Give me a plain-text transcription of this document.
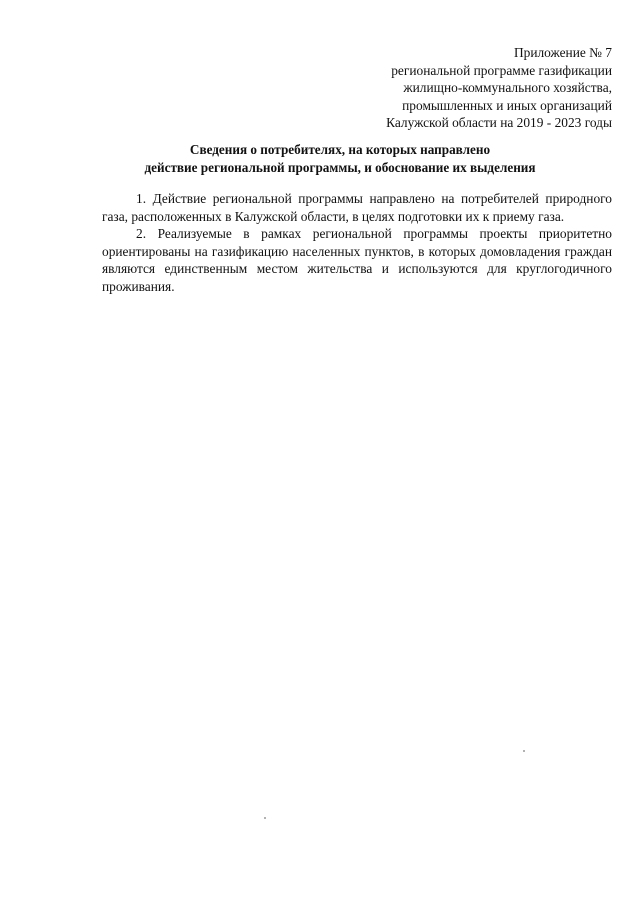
Приложение № 7
региональной программе газификации
жилищно-коммунального хозяйства,
промышленных и иных организаций
Калужской области на 2019 - 2023 годы
Сведения о потребителях, на которых направлено
действие региональной программы, и обоснование их выделения
1. Действие региональной программы направлено на потребителей природного
газа, расположенных в Калужской области, в целях подготовки их к приему газа.
2. Реализуемые в рамках региональной программы проекты приоритетно
ориентированы на газификацию населенных пунктов, в которых домовладения граждан
являются единственным местом жительства и используются для круглогодичного
проживания.
